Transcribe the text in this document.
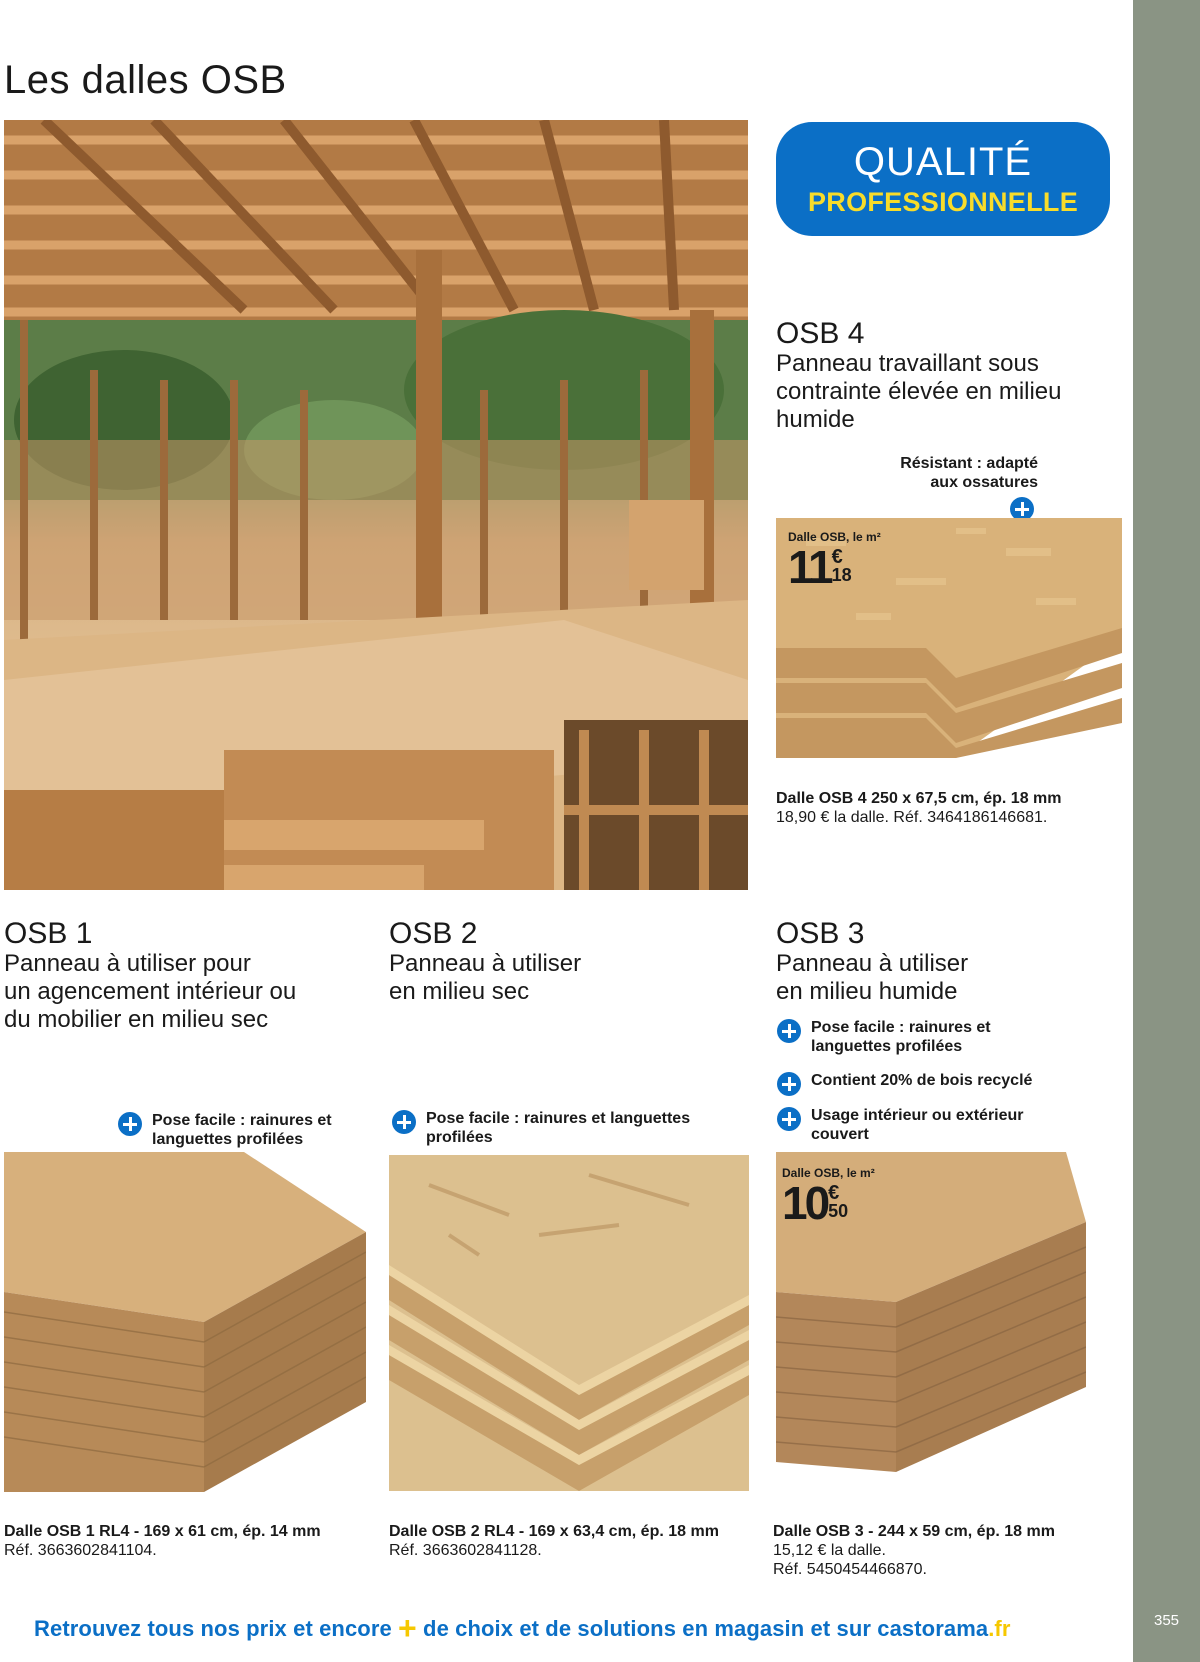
355
Les dalles OSB
QUALITÉ
PROFESSIONNELLE
OSB 4
Panneau travaillant sous
contrainte élevée en milieu
humide
Résistant : adapté
aux ossatures
Dalle OSB, le m²
11 €
18
Dalle OSB 4 250 x 67,5 cm, ép. 18 mm
18,90 € la dalle. Réf. 3464186146681.
OSB 1
Panneau à utiliser pour
un agencement intérieur ou
du mobilier en milieu sec
Pose facile : rainures et
languettes profilées
Dalle OSB 1 RL4 - 169 x 61 cm, ép. 14 mm
Réf. 3663602841104.
OSB 2
Panneau à utiliser
en milieu sec
Pose facile : rainures et languettes
profilées
Dalle OSB 2 RL4 - 169 x 63,4 cm, ép. 18 mm
Réf. 3663602841128.
OSB 3
Panneau à utiliser
en milieu humide
Pose facile : rainures et
languettes profilées
Contient 20% de bois recyclé
Usage intérieur ou extérieur
couvert
Dalle OSB, le m²
10 €
50
Dalle OSB 3 - 244 x 59 cm, ép. 18 mm
15,12 € la dalle.
Réf. 5450454466870.
Retrouvez tous nos prix et encore + de choix et de solutions en magasin et sur castorama.fr
